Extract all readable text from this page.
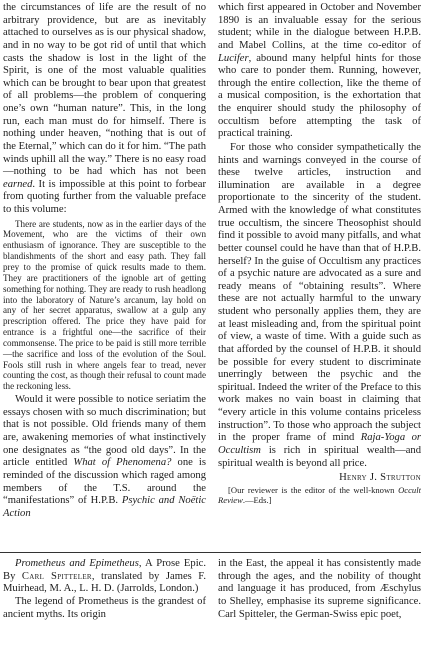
the circumstances of life are the result of no arbitrary providence, but are as inevitably attached to ourselves as is our physical shadow, and in no way to be got rid of until that which casts the shadow is lost in the light of the Spirit, is one of the most valuable qualities which can be brought to bear upon that greatest of all problems—the problem of conquering one’s own “human nature”. This, in the long run, each man must do for himself. There is nothing under heaven, “nothing that is out of the Eternal,” which can do it for him. “The path winds uphill all the way.” There is no easy road—nothing to be had which has not been earned. It is impossible at this point to forbear from quoting further from the valuable preface to this volume:

There are students, now as in the earlier days of the Movement, who are the victims of their own enthusiasm of ignorance. They are susceptible to the blandishments of the short and easy path. They fall prey to the promise of quick results made to them. They are practitioners of the ignoble art of getting something for nothing. They are ready to rush headlong into the laboratory of Nature’s arcanum, lay hold on any of her secret apparatus, swallow at a gulp any prescription offered. The price they have paid for entrance is a frightful one—the sacrifice of their commonsense. The price to be paid is still more terrible—the sacrifice and loss of the evolution of the Soul. Fools still rush in where angels fear to tread, never counting the cost, as though their refusal to count made the reckoning less.

Would it were possible to notice seriatim the essays chosen with so much discrimination; but that is not possible. Old friends many of them are, awakening memories of what instinctively one designates as “the good old days”. In the article entitled What of Phenomena? one is reminded of the discussion which raged among members of the T.S. around the “manifestations” of H.P.B. Psychic and Noëtic Action

which first appeared in October and November 1890 is an invaluable essay for the serious student; while in the dialogue between H.P.B. and Mabel Collins, at the time co-editor of Lucifer, abound many helpful hints for those who care to ponder them. Running, however, through the entire collection, like the theme of a musical composition, is the exhortation that the enquirer should study the philosophy of occultism before attempting the task of practical training.

For those who consider sympathetically the hints and warnings conveyed in the course of these twelve articles, instruction and illumination are available in a degree proportionate to the sincerity of the student. Armed with the knowledge of what constitutes true occultism, the sincere Theosophist should find it possible to avoid many pitfalls, and what better counsel could he have than that of H.P.B. herself? In the guise of Occultism any practices of a psychic nature are advocated as a sure and ready means of “obtaining results”. Where these are not actually harmful to the unwary student who personally applies them, they are at least misleading and, from the spiritual point of view, a waste of time. With a guide such as that afforded by the counsel of H.P.B. it should be possible for every student to discriminate unerringly between the psychic and the spiritual. Indeed the writer of the Preface to this work makes no vain boast in claiming that “every article in this volume contains priceless instruction”. To those who approach the subject in the proper frame of mind Raja-Yoga or Occultism is rich in spiritual wealth—and spiritual wealth is beyond all price.

Henry J. Strutton

[Our reviewer is the editor of the well-known Occult Review.—Eds.]

Prometheus and Epimetheus, A Prose Epic. By Carl Spitteler, translated by James F. Muirhead, M. A., L. H. D. (Jarrolds, London.)

The legend of Prometheus is the grandest of ancient myths. Its origin

in the East, the appeal it has consistently made through the ages, and the nobility of thought and language it has produced, from Æschylus to Shelley, emphasise its supreme significance. Carl Spitteler, the German-Swiss epic poet,
